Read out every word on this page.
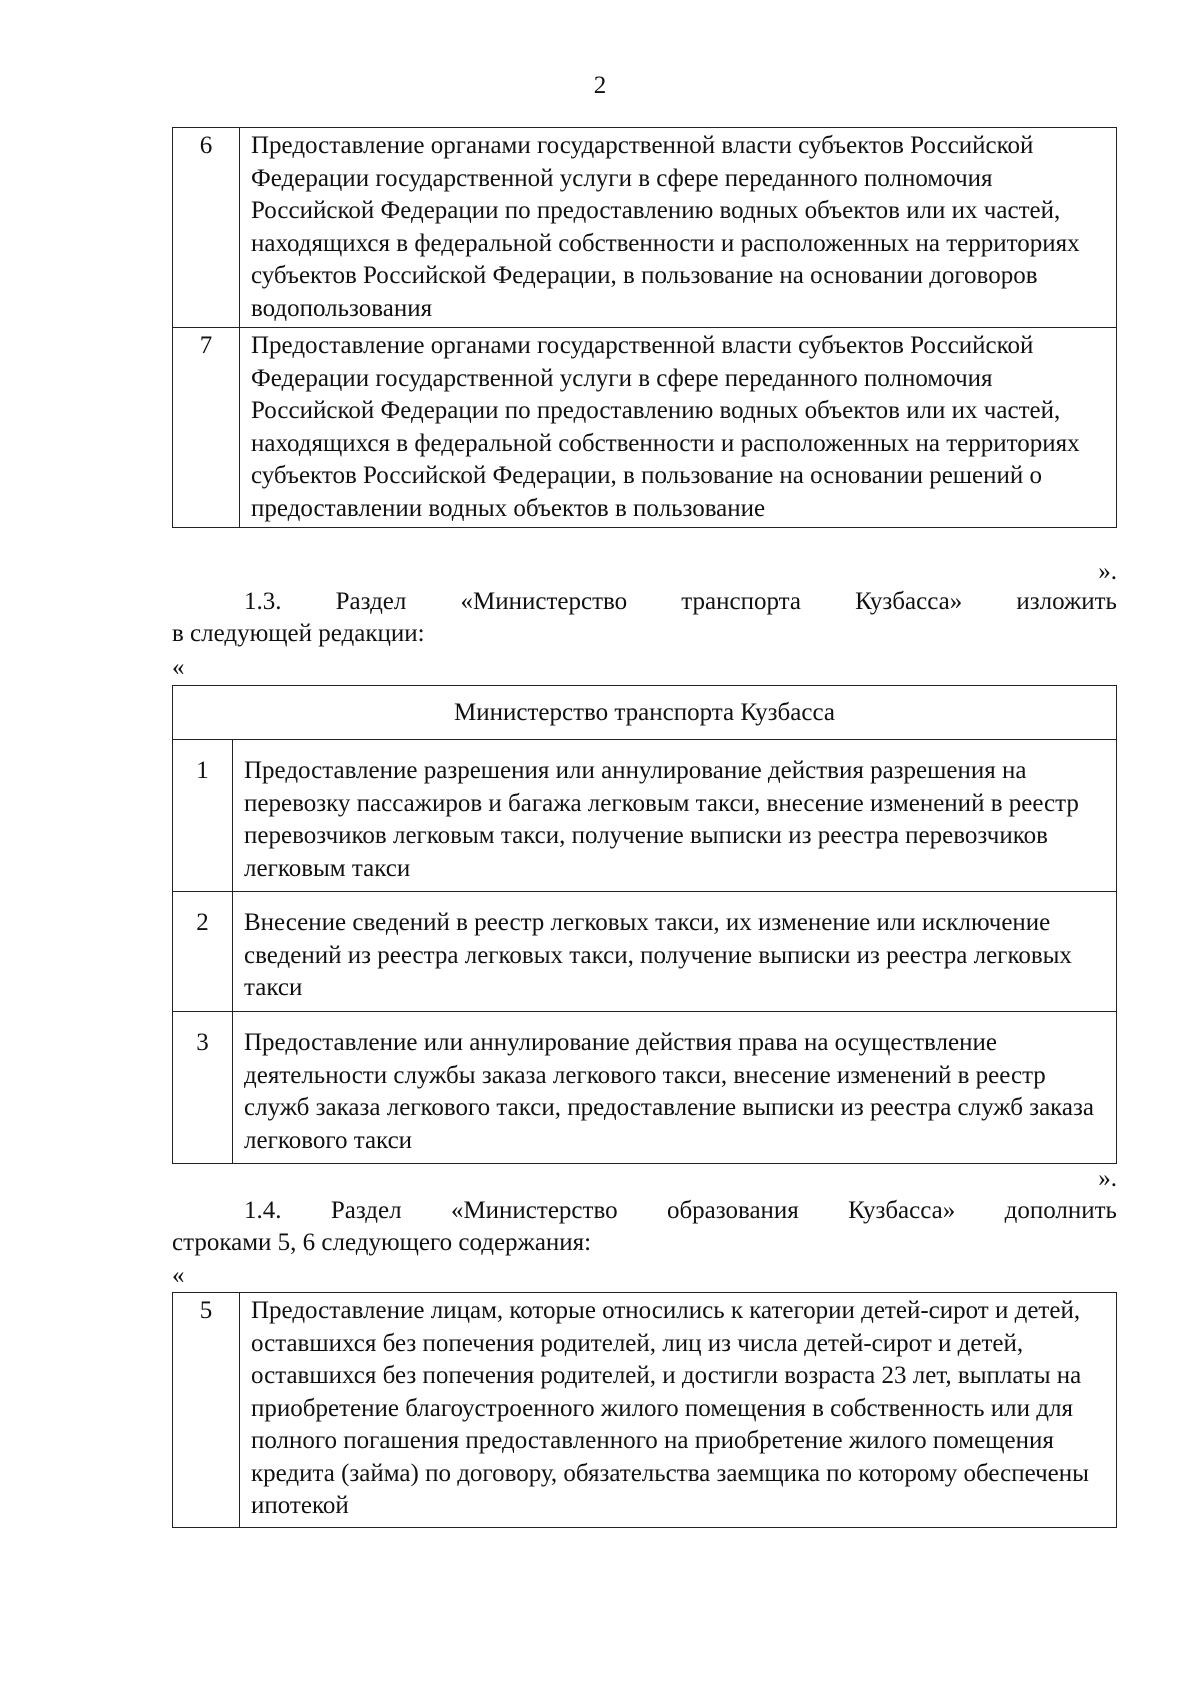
2
6	Предоставление органами государственной власти субъектов Российской Федерации государственной услуги в сфере переданного полномочия Российской Федерации по предоставлению водных объектов или их частей, находящихся в федеральной собственности и расположенных на территориях субъектов Российской Федерации, в пользование на основании договоров водопользования
7	Предоставление органами государственной власти субъектов Российской Федерации государственной услуги в сфере переданного полномочия Российской Федерации по предоставлению водных объектов или их частей, находящихся в федеральной собственности и расположенных на территориях субъектов Российской Федерации, в пользование на основании решений о предоставлении водных объектов в пользование
».
1.3. Раздел «Министерство транспорта Кузбасса» изложить
в следующей редакции:
«
Министерство транспорта Кузбасса	
1	Предоставление разрешения или аннулирование действия разрешения на перевозку пассажиров и багажа легковым такси, внесение изменений в реестр перевозчиков легковым такси, получение выписки из реестра перевозчиков легковым такси
2	Внесение сведений в реестр легковых такси, их изменение или исключение сведений из реестра легковых такси, получение выписки из реестра легковых такси
3	Предоставление или аннулирование действия права на осуществление деятельности службы заказа легкового такси, внесение изменений в реестр служб заказа легкового такси, предоставление выписки из реестра служб заказа легкового такси
».
1.4. Раздел «Министерство образования Кузбасса» дополнить
строками 5, 6 следующего содержания:
«
5	Предоставление лицам, которые относились к категории детей-сирот и детей, оставшихся без попечения родителей, лиц из числа детей-сирот и детей, оставшихся без попечения родителей, и достигли возраста 23 лет, выплаты на приобретение благоустроенного жилого помещения в собственность или для полного погашения предоставленного на приобретение жилого помещения кредита (займа) по договору, обязательства заемщика по которому обеспечены ипотекой
